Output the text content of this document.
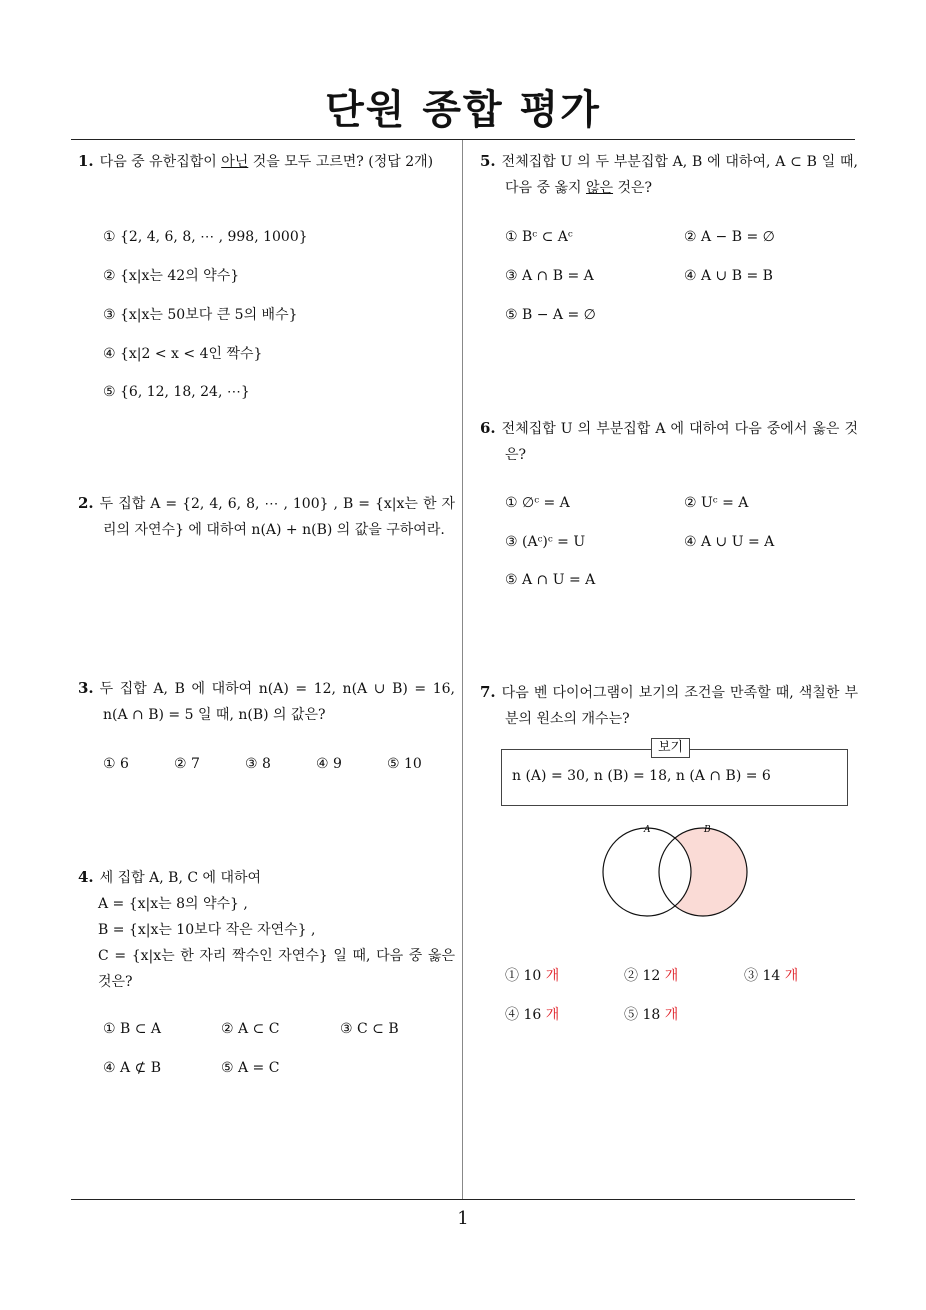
단원 종합 평가
1. 다음 중 유한집합이 아닌 것을 모두 고르면? (정답 2개)
① {2, 4, 6, 8, ⋯ , 998, 1000}
② {x|x는 42의 약수}
③ {x|x는 50보다 큰 5의 배수}
④ {x|2 < x < 4인 짝수}
⑤ {6, 12, 18, 24, ⋯}
2. 두 집합 A = {2, 4, 6, 8, ⋯ , 100} , B = {x|x는 한 자리의 자연수} 에 대하여 n(A) + n(B) 의 값을 구하여라.
3. 두 집합 A, B 에 대하여 n(A) = 12, n(A ∪ B) = 16, n(A ∩ B) = 5 일 때, n(B) 의 값은?
① 6	② 7	③ 8	④ 9	⑤ 10
4. 세 집합 A, B, C 에 대하여
A = {x|x는 8의 약수} ,
B = {x|x는 10보다 작은 자연수} ,
C = {x|x는 한 자리 짝수인 자연수} 일 때, 다음 중 옳은 것은?
① B ⊂ A	② A ⊂ C	③ C ⊂ B
④ A ⊄ B	⑤ A = C
5. 전체집합 U 의 두 부분집합 A, B 에 대하여, A ⊂ B 일 때, 다음 중 옳지 않은 것은?
① Bᶜ ⊂ Aᶜ	② A − B = ∅
③ A ∩ B = A	④ A ∪ B = B
⑤ B − A = ∅
6. 전체집합 U 의 부분집합 A 에 대하여 다음 중에서 옳은 것은?
① ∅ᶜ = A	② Uᶜ = A
③ (Aᶜ)ᶜ = U	④ A ∪ U = A
⑤ A ∩ U = A
7. 다음 벤 다이어그램이 보기의 조건을 만족할 때, 색칠한 부분의 원소의 개수는?
n (A) = 30, n (B) = 18, n (A ∩ B) = 6
보기
A	B
① 10 개	② 12 개	③ 14 개
④ 16 개	⑤ 18 개
1
